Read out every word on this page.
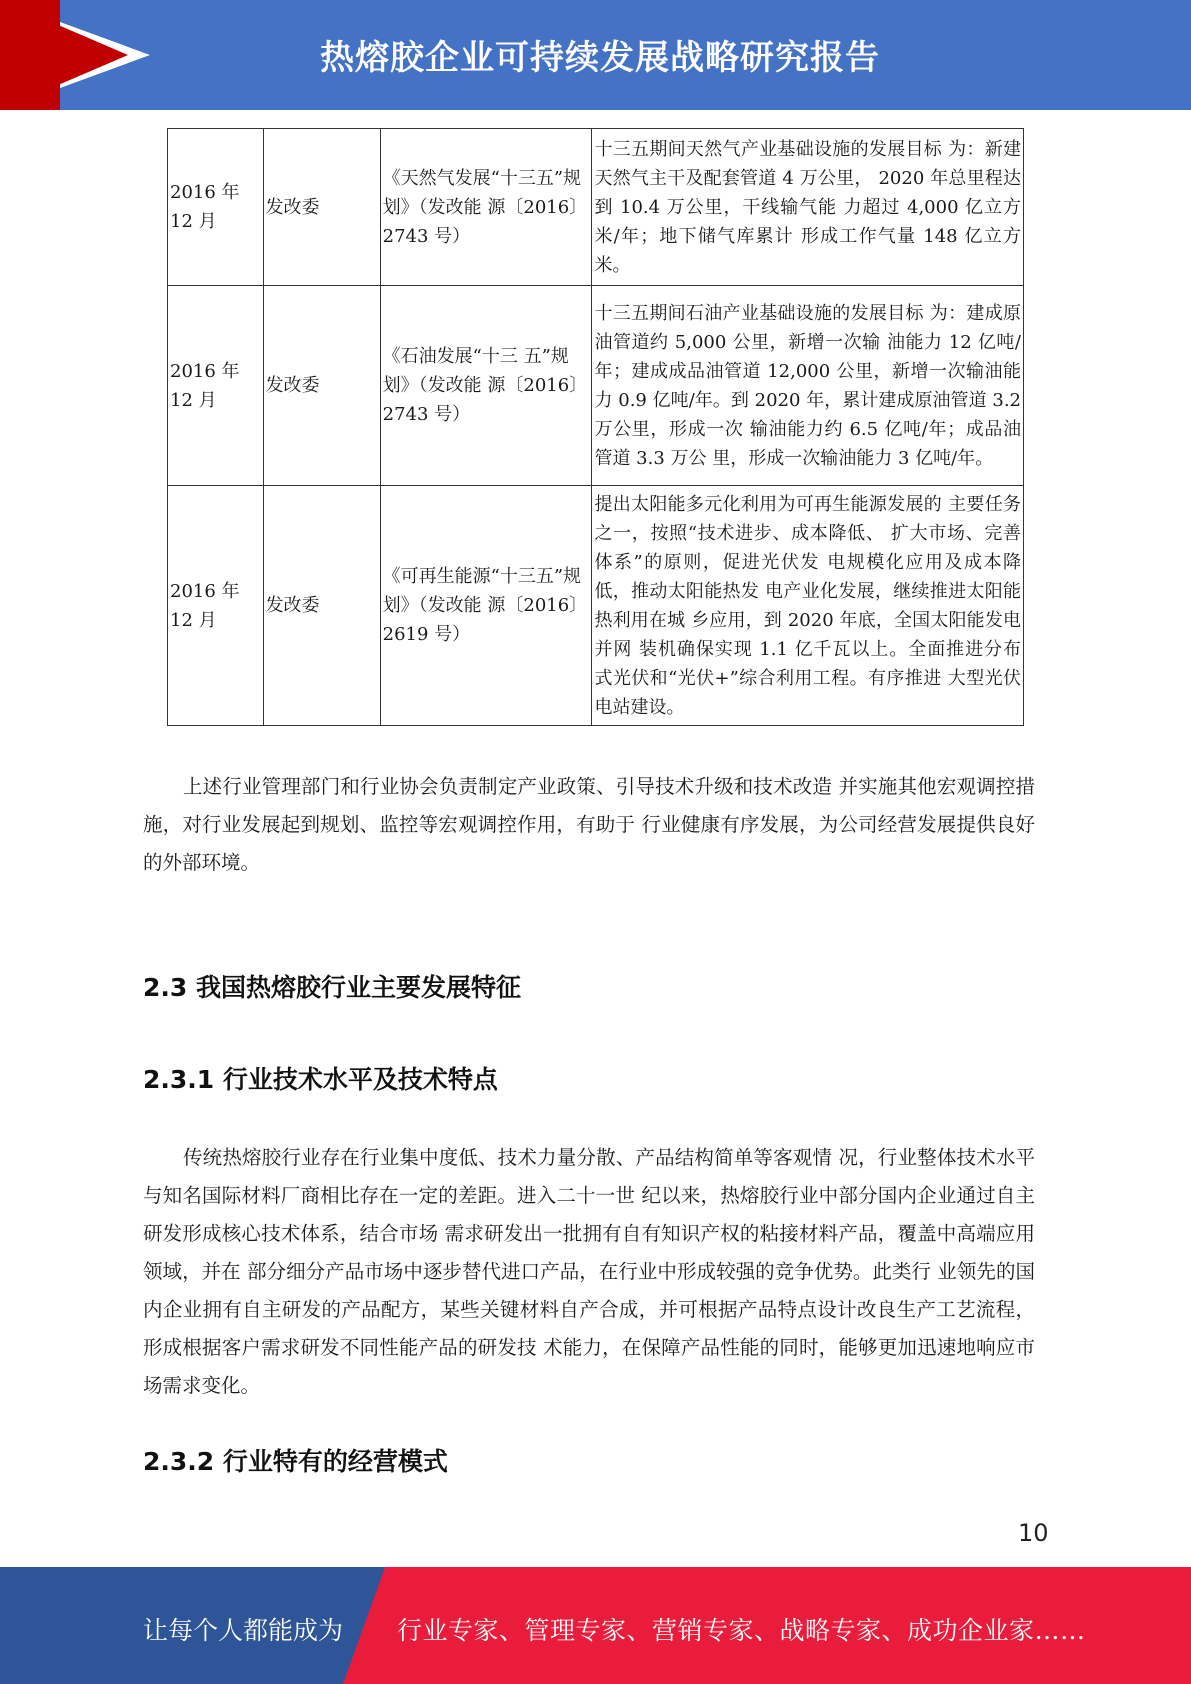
热熔胶企业可持续发展战略研究报告
2016 年 12 月	发改委	《天然气发展“十三五”规划》（发改能 源〔2016〕 2743 号）	十三五期间天然气产业基础设施的发展目标 为：新建天然气主干及配套管道 4 万公里， 2020 年总里程达到 10.4 万公里，干线输气能 力超过 4,000 亿立方米/年；地下储气库累计 形成工作气量 148 亿立方米。
2016 年 12 月	发改委	《石油发展“十三 五”规划》（发改能 源〔2016〕 2743 号）	十三五期间石油产业基础设施的发展目标 为：建成原油管道约 5,000 公里，新增一次输 油能力 12 亿吨/年；建成成品油管道 12,000 公里，新增一次输油能力 0.9 亿吨/年。到 2020 年，累计建成原油管道 3.2 万公里，形成一次 输油能力约 6.5 亿吨/年；成品油管道 3.3 万公 里，形成一次输油能力 3 亿吨/年。
2016 年 12 月	发改委	《可再生能源“十三五”规划》（发改能 源〔2016〕 2619 号）	提出太阳能多元化利用为可再生能源发展的 主要任务之一，按照“技术进步、成本降低、 扩大市场、完善体系”的原则，促进光伏发 电规模化应用及成本降低，推动太阳能热发 电产业化发展，继续推进太阳能热利用在城 乡应用，到 2020 年底，全国太阳能发电并网 装机确保实现 1.1 亿千瓦以上。全面推进分布 式光伏和“光伏+”综合利用工程。有序推进 大型光伏电站建设。

上述行业管理部门和行业协会负责制定产业政策、引导技术升级和技术改造 并实施其他宏观调控措施，对行业发展起到规划、监控等宏观调控作用，有助于 行业健康有序发展，为公司经营发展提供良好的外部环境。

2.3 我国热熔胶行业主要发展特征
2.3.1 行业技术水平及技术特点

传统热熔胶行业存在行业集中度低、技术力量分散、产品结构简单等客观情 况，行业整体技术水平与知名国际材料厂商相比存在一定的差距。进入二十一世 纪以来，热熔胶行业中部分国内企业通过自主研发形成核心技术体系，结合市场 需求研发出一批拥有自有知识产权的粘接材料产品，覆盖中高端应用领域，并在 部分细分产品市场中逐步替代进口产品，在行业中形成较强的竞争优势。此类行 业领先的国内企业拥有自主研发的产品配方，某些关键材料自产合成，并可根据产品特点设计改良生产工艺流程，形成根据客户需求研发不同性能产品的研发技 术能力，在保障产品性能的同时，能够更加迅速地响应市场需求变化。

2.3.2 行业特有的经营模式
10
让每个人都能成为 行业专家、管理专家、营销专家、战略专家、成功企业家……
